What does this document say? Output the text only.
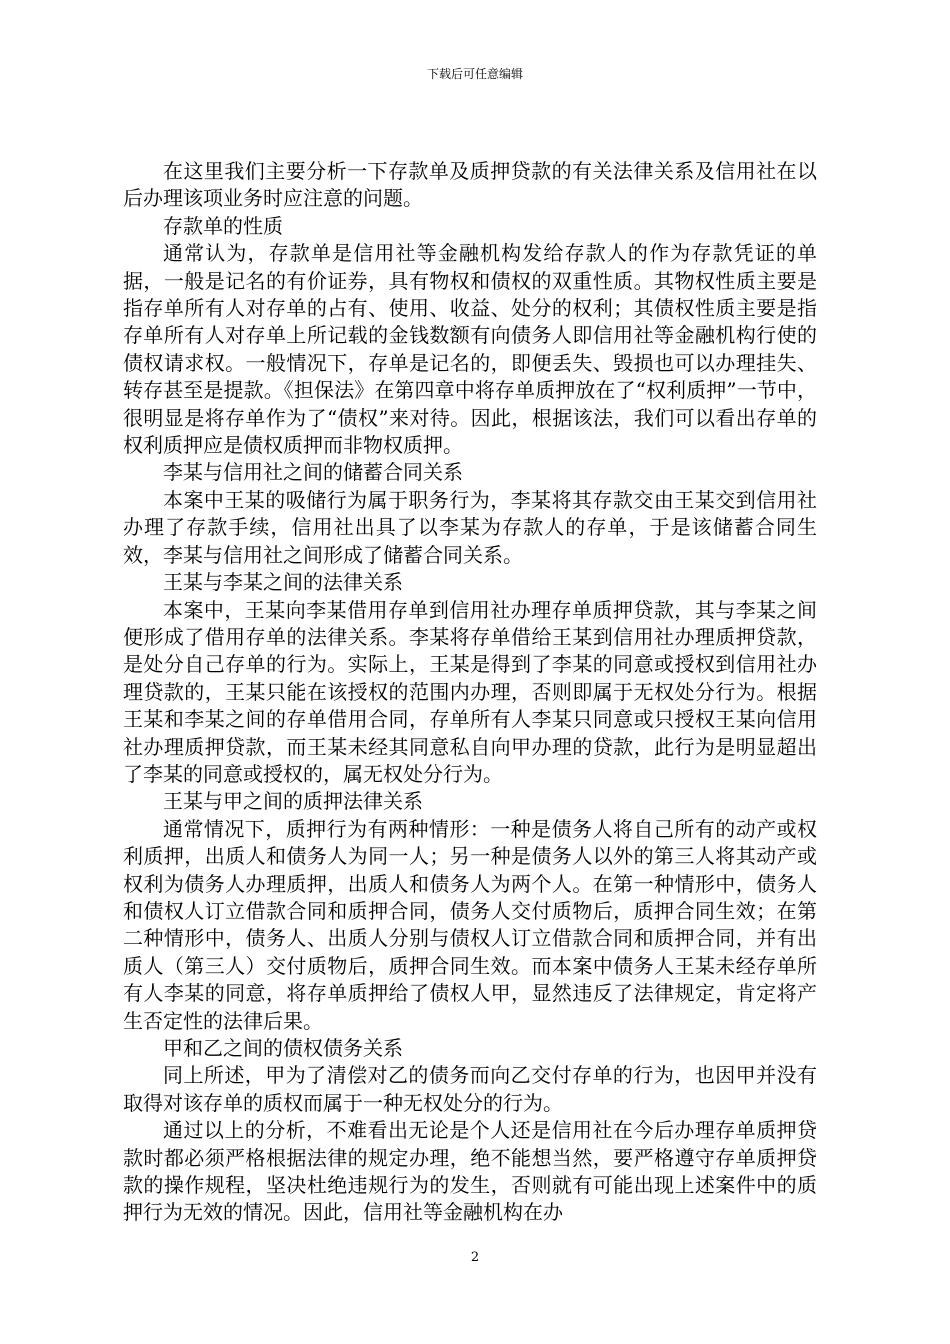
下载后可任意编辑

在这里我们主要分析一下存款单及质押贷款的有关法律关系及信用社在以后办理该项业务时应注意的问题。

存款单的性质

通常认为，存款单是信用社等金融机构发给存款人的作为存款凭证的单据，一般是记名的有价证券，具有物权和债权的双重性质。其物权性质主要是指存单所有人对存单的占有、使用、收益、处分的权利；其债权性质主要是指存单所有人对存单上所记载的金钱数额有向债务人即信用社等金融机构行使的债权请求权。一般情况下，存单是记名的，即便丢失、毁损也可以办理挂失、转存甚至是提款。《担保法》在第四章中将存单质押放在了“权利质押”一节中，很明显是将存单作为了“债权”来对待。因此，根据该法，我们可以看出存单的权利质押应是债权质押而非物权质押。

李某与信用社之间的储蓄合同关系

本案中王某的吸储行为属于职务行为，李某将其存款交由王某交到信用社办理了存款手续，信用社出具了以李某为存款人的存单，于是该储蓄合同生效，李某与信用社之间形成了储蓄合同关系。

王某与李某之间的法律关系

本案中，王某向李某借用存单到信用社办理存单质押贷款，其与李某之间便形成了借用存单的法律关系。李某将存单借给王某到信用社办理质押贷款，是处分自己存单的行为。实际上，王某是得到了李某的同意或授权到信用社办理贷款的，王某只能在该授权的范围内办理，否则即属于无权处分行为。根据王某和李某之间的存单借用合同，存单所有人李某只同意或只授权王某向信用社办理质押贷款，而王某未经其同意私自向甲办理的贷款，此行为是明显超出了李某的同意或授权的，属无权处分行为。

王某与甲之间的质押法律关系

通常情况下，质押行为有两种情形：一种是债务人将自己所有的动产或权利质押，出质人和债务人为同一人；另一种是债务人以外的第三人将其动产或权利为债务人办理质押，出质人和债务人为两个人。在第一种情形中，债务人和债权人订立借款合同和质押合同，债务人交付质物后，质押合同生效；在第二种情形中，债务人、出质人分别与债权人订立借款合同和质押合同，并有出质人（第三人）交付质物后，质押合同生效。而本案中债务人王某未经存单所有人李某的同意，将存单质押给了债权人甲，显然违反了法律规定，肯定将产生否定性的法律后果。

甲和乙之间的债权债务关系

同上所述，甲为了清偿对乙的债务而向乙交付存单的行为，也因甲并没有取得对该存单的质权而属于一种无权处分的行为。

通过以上的分析，不难看出无论是个人还是信用社在今后办理存单质押贷款时都必须严格根据法律的规定办理，绝不能想当然，要严格遵守存单质押贷款的操作规程，坚决杜绝违规行为的发生，否则就有可能出现上述案件中的质押行为无效的情况。因此，信用社等金融机构在办

2
